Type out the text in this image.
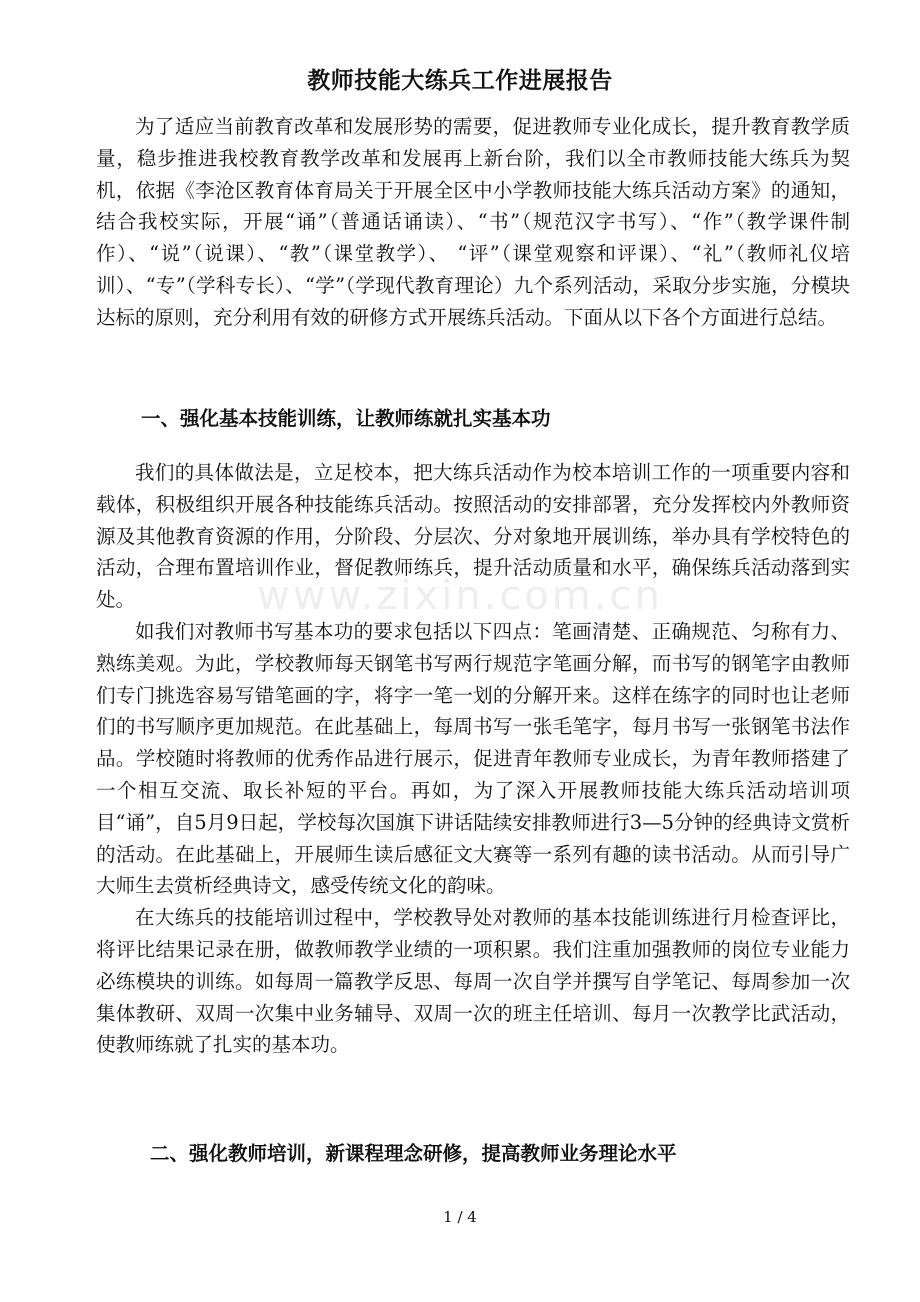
www.zixin.com.cn
教师技能大练兵工作进展报告

为了适应当前教育改革和发展形势的需要，促进教师专业化成长，提升教育教学质量，稳步推进我校教育教学改革和发展再上新台阶，我们以全市教师技能大练兵为契机，依据《李沧区教育体育局关于开展全区中小学教师技能大练兵活动方案》的通知，结合我校实际，开展“诵”（普通话诵读）、“书”（规范汉字书写）、“作”（教学课件制作）、“说”（说课）、“教”（课堂教学）、 “评”（课堂观察和评课）、“礼”（教师礼仪培训）、“专”（学科专长）、“学”（学现代教育理论）九个系列活动，采取分步实施，分模块达标的原则，充分利用有效的研修方式开展练兵活动。下面从以下各个方面进行总结。

一、强化基本技能训练，让教师练就扎实基本功

我们的具体做法是，立足校本，把大练兵活动作为校本培训工作的一项重要内容和载体，积极组织开展各种技能练兵活动。按照活动的安排部署，充分发挥校内外教师资源及其他教育资源的作用，分阶段、分层次、分对象地开展训练，举办具有学校特色的活动，合理布置培训作业，督促教师练兵，提升活动质量和水平，确保练兵活动落到实处。

如我们对教师书写基本功的要求包括以下四点：笔画清楚、正确规范、匀称有力、熟练美观。为此，学校教师每天钢笔书写两行规范字笔画分解，而书写的钢笔字由教师们专门挑选容易写错笔画的字，将字一笔一划的分解开来。这样在练字的同时也让老师们的书写顺序更加规范。在此基础上，每周书写一张毛笔字，每月书写一张钢笔书法作品。学校随时将教师的优秀作品进行展示，促进青年教师专业成长，为青年教师搭建了一个相互交流、取长补短的平台。再如，为了深入开展教师技能大练兵活动培训项目“诵”，自5月9日起，学校每次国旗下讲话陆续安排教师进行3—5分钟的经典诗文赏析的活动。在此基础上，开展师生读后感征文大赛等一系列有趣的读书活动。从而引导广大师生去赏析经典诗文，感受传统文化的韵味。

在大练兵的技能培训过程中，学校教导处对教师的基本技能训练进行月检查评比，将评比结果记录在册，做教师教学业绩的一项积累。我们注重加强教师的岗位专业能力必练模块的训练。如每周一篇教学反思、每周一次自学并撰写自学笔记、每周参加一次集体教研、双周一次集中业务辅导、双周一次的班主任培训、每月一次教学比武活动，使教师练就了扎实的基本功。

二、强化教师培训，新课程理念研修，提高教师业务理论水平
1 / 4
